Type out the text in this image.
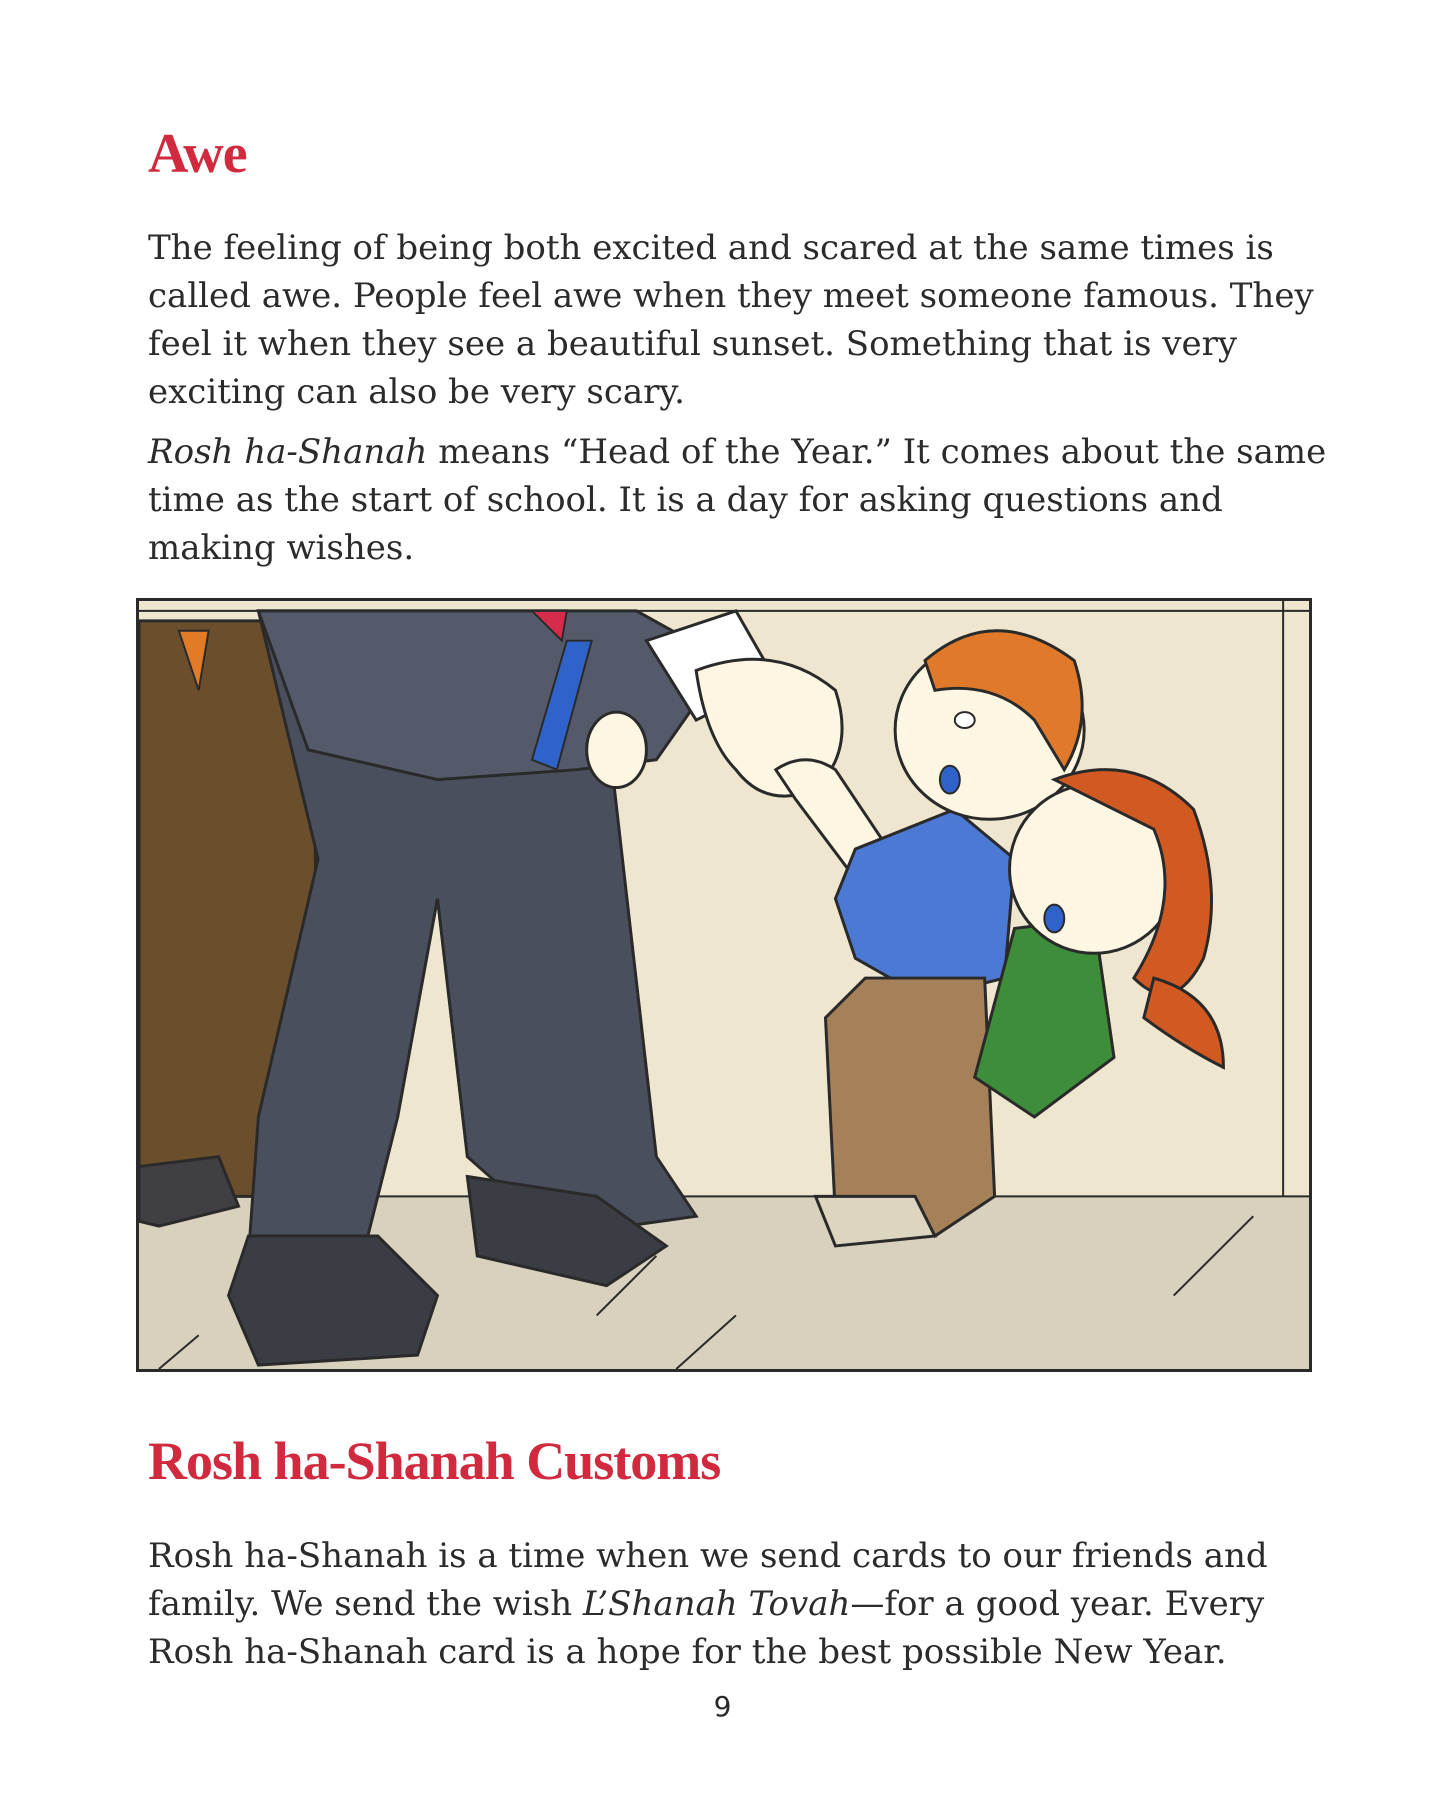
Awe

The feeling of being both excited and scared at the same times is called awe. People feel awe when they meet someone famous. They feel it when they see a beautiful sunset. Something that is very exciting can also be very scary.

Rosh ha-Shanah means “Head of the Year.” It comes about the same time as the start of school. It is a day for asking questions and making wishes.

Rosh ha-Shanah Customs

Rosh ha-Shanah is a time when we send cards to our friends and family. We send the wish L’Shanah Tovah—for a good year. Every Rosh ha-Shanah card is a hope for the best possible New Year.

9
